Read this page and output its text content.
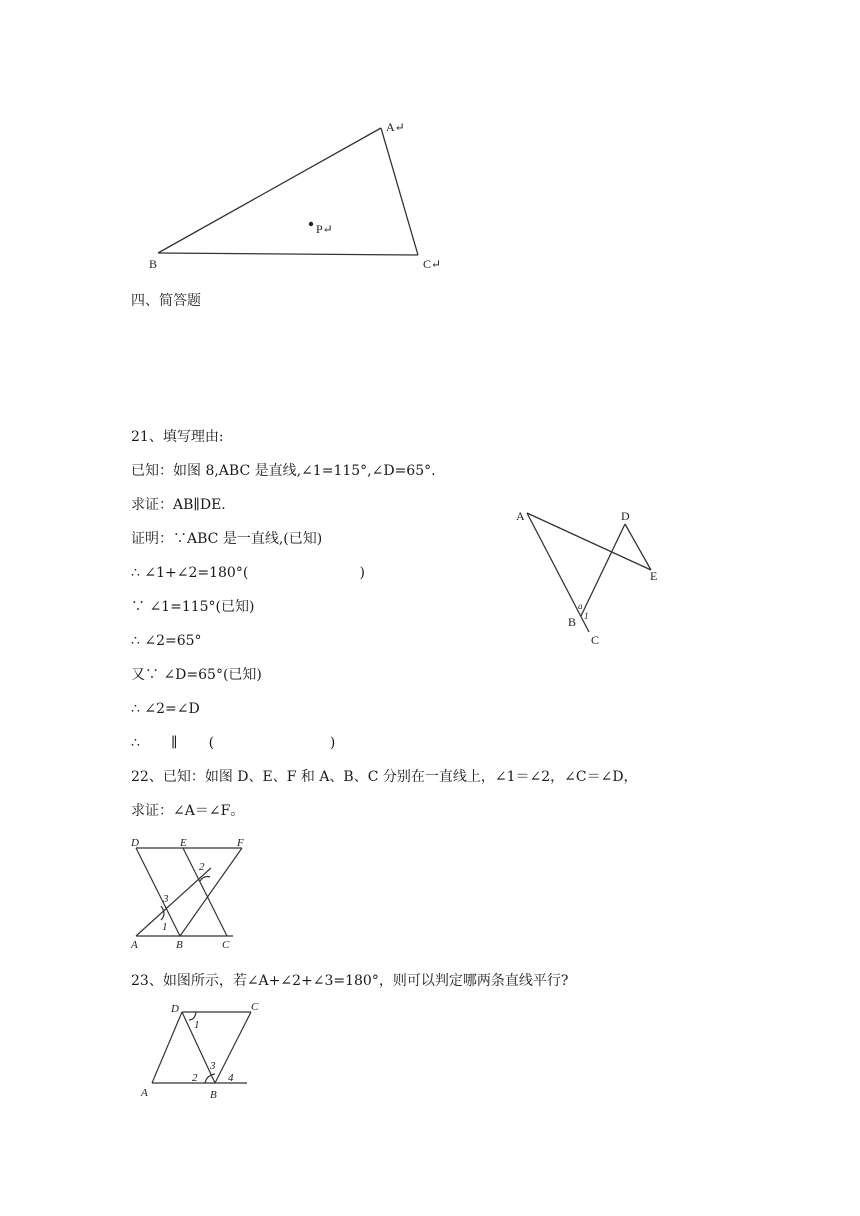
A↵
B	C↵
P↵
四、简答题
21、填写理由:
已知：如图 8,ABC 是直线,∠1=115°,∠D=65°.
求证：AB∥DE.
证明：∵ABC 是一直线,(已知)
∴ ∠1+∠2=180°(                         )
∵ ∠1=115°(已知)
∴ ∠2=65°
又∵ ∠D=65°(已知)
∴ ∠2=∠D
∴       ∥       (                          )
A	D
E
B
C
a
1
22、已知：如图 D、E、F 和 A、B、C 分别在一直线上，∠1＝∠2，∠C＝∠D，
求证：∠A＝∠F。
D	E	F
A	B	C
1
2
3
23、如图所示，若∠A+∠2+∠3=180°，则可以判定哪两条直线平行?
D	C
A	B
1
2
3
4
